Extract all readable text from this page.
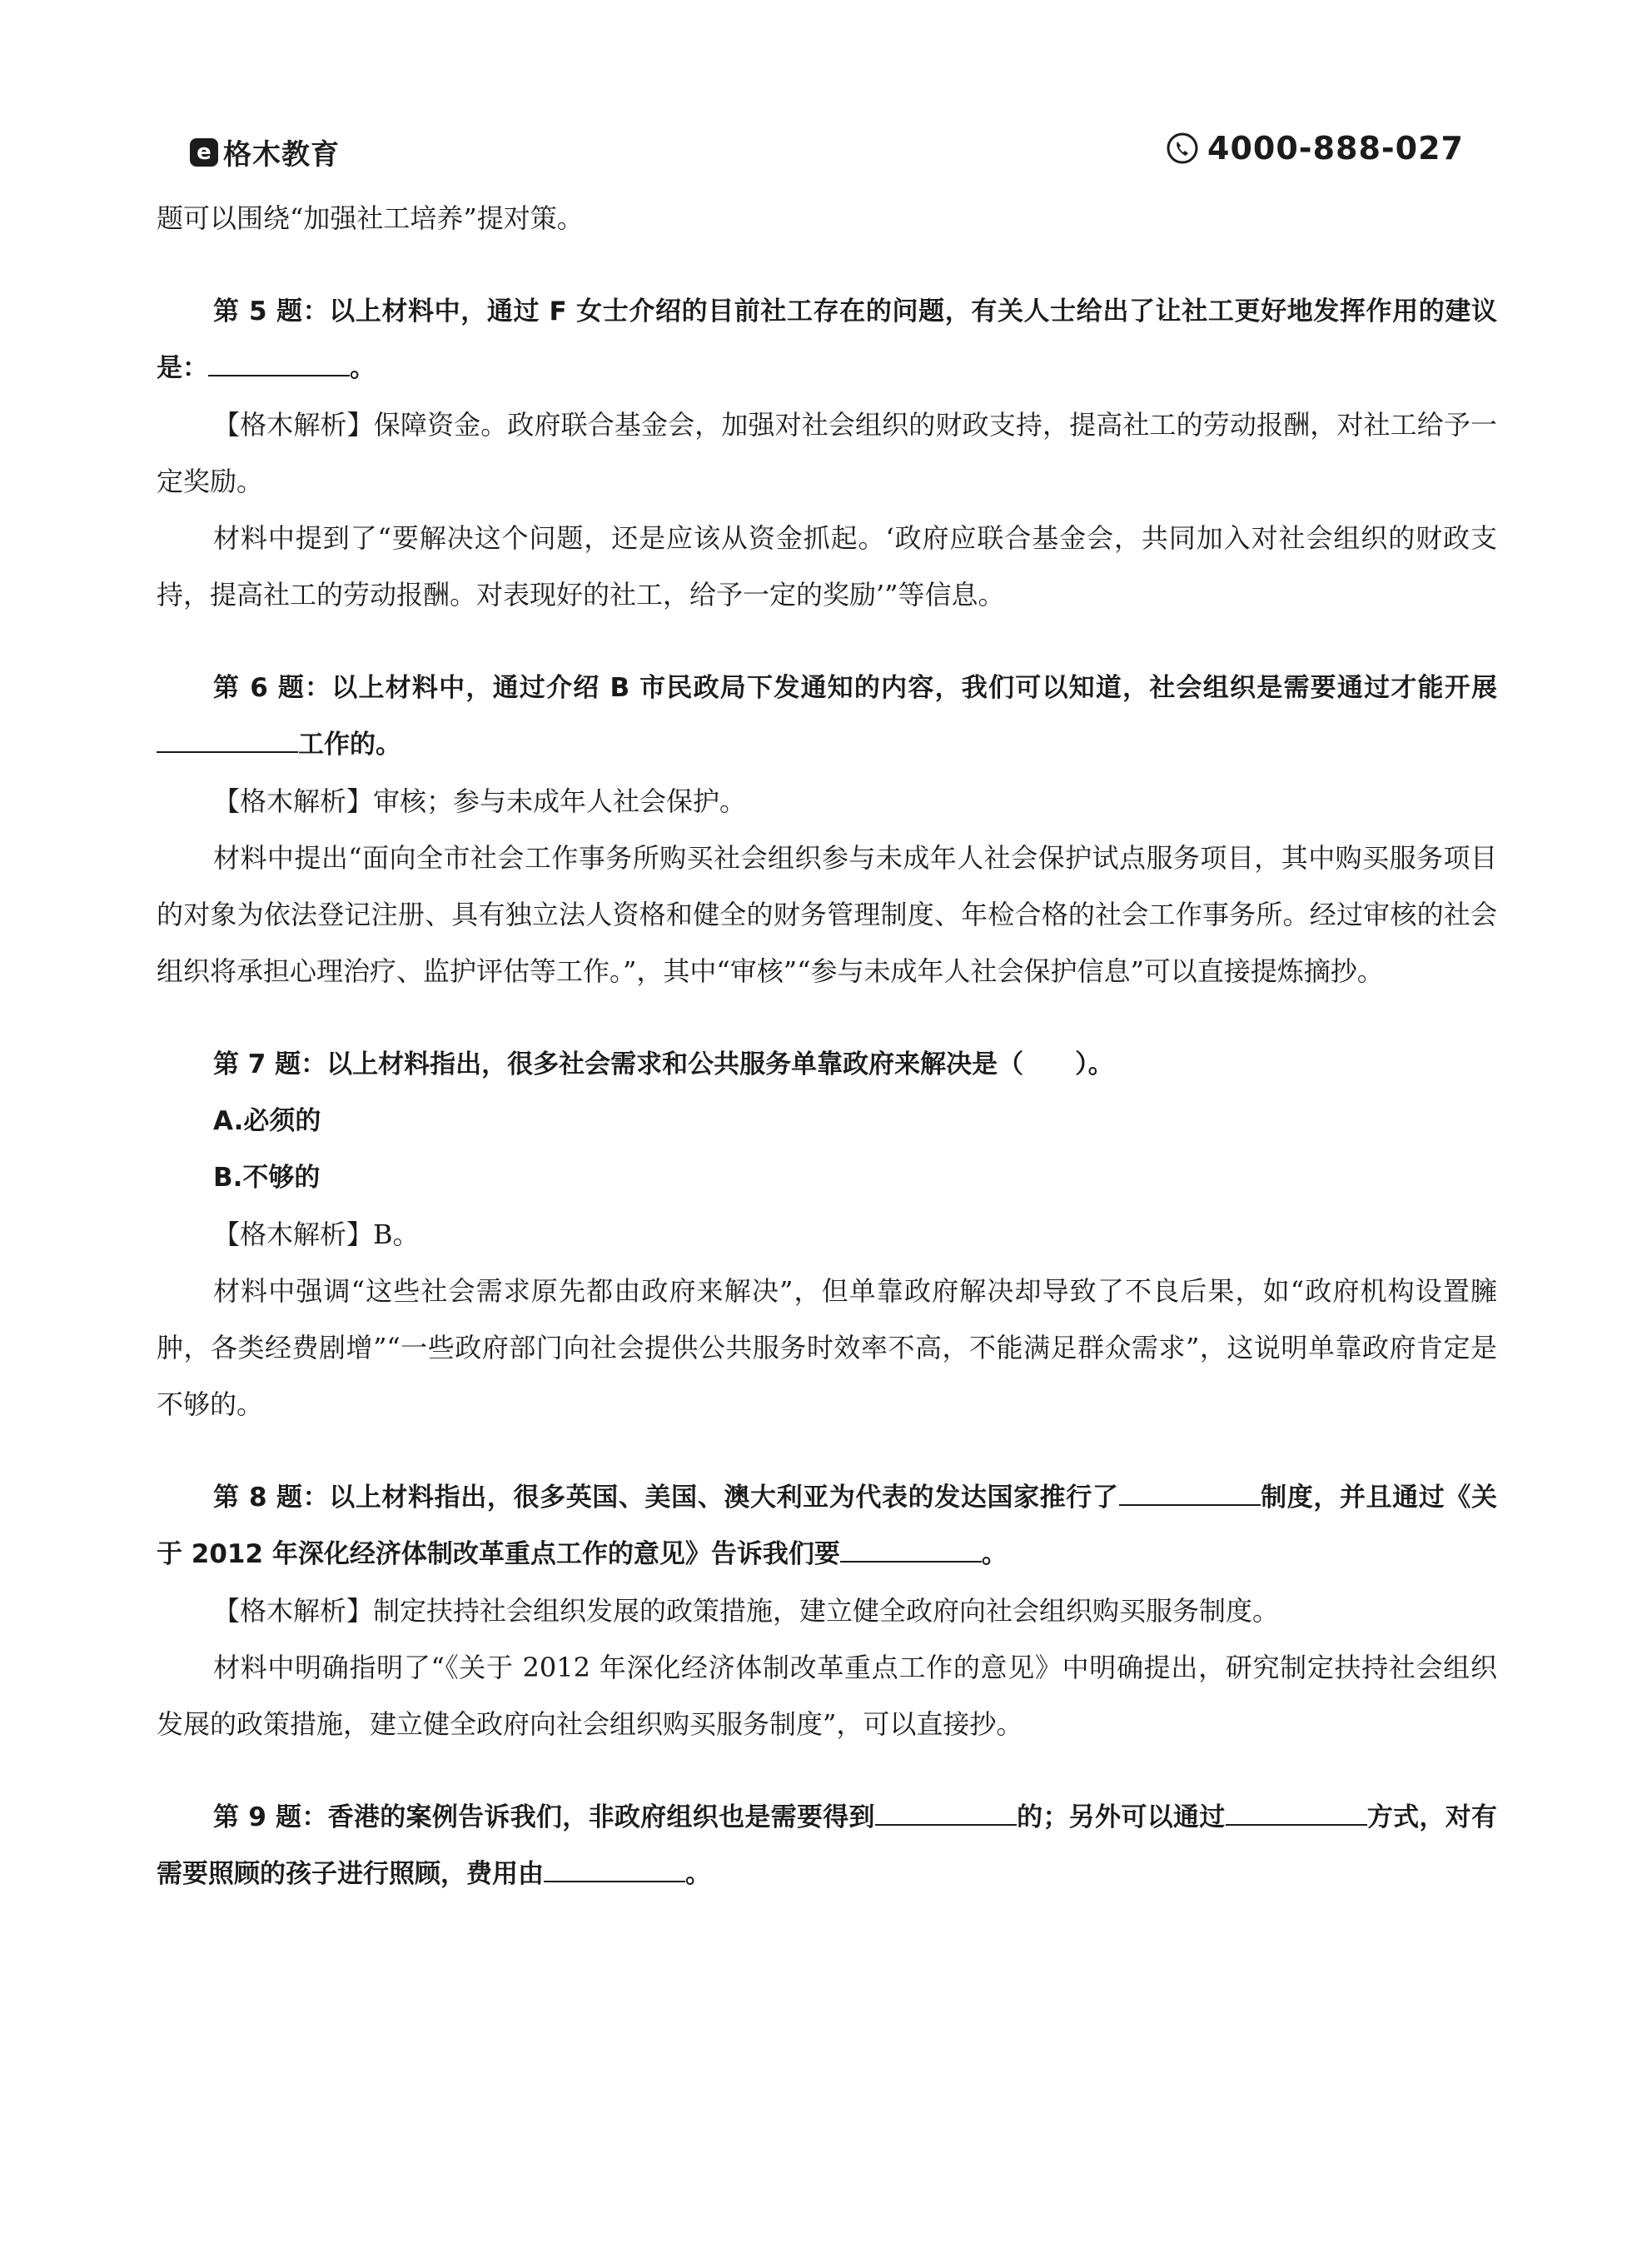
e 格木教育	4000-888-027

题可以围绕“加强社工培养”提对策。

第 5 题：以上材料中，通过 F 女士介绍的目前社工存在的问题，有关人士给出了让社工更好地发挥作用的建议是：	。

【格木解析】保障资金。政府联合基金会，加强对社会组织的财政支持，提高社工的劳动报酬，对社工给予一定奖励。

材料中提到了“要解决这个问题，还是应该从资金抓起。‘政府应联合基金会，共同加入对社会组织的财政支持，提高社工的劳动报酬。对表现好的社工，给予一定的奖励’”等信息。

第 6 题：以上材料中，通过介绍 B 市民政局下发通知的内容，我们可以知道，社会组织是需要通过才能开展工作的。

【格木解析】审核；参与未成年人社会保护。

材料中提出“面向全市社会工作事务所购买社会组织参与未成年人社会保护试点服务项目，其中购买服务项目的对象为依法登记注册、具有独立法人资格和健全的财务管理制度、年检合格的社会工作事务所。经过审核的社会组织将承担心理治疗、监护评估等工作。”，其中“审核”“参与未成年人社会保护信息”可以直接提炼摘抄。

第 7 题：以上材料指出，很多社会需求和公共服务单靠政府来解决是（　　）。

A.必须的

B.不够的

【格木解析】B。

材料中强调“这些社会需求原先都由政府来解决”，但单靠政府解决却导致了不良后果，如“政府机构设置臃肿，各类经费剧增”“一些政府部门向社会提供公共服务时效率不高，不能满足群众需求”，这说明单靠政府肯定是不够的。

第 8 题：以上材料指出，很多英国、美国、澳大利亚为代表的发达国家推行了	制度，并且通过《关于 2012 年深化经济体制改革重点工作的意见》告诉我们要	。

【格木解析】制定扶持社会组织发展的政策措施，建立健全政府向社会组织购买服务制度。

材料中明确指明了“《关于 2012 年深化经济体制改革重点工作的意见》中明确提出，研究制定扶持社会组织发展的政策措施，建立健全政府向社会组织购买服务制度”，可以直接抄。

第 9 题：香港的案例告诉我们，非政府组织也是需要得到	的；另外可以通过	方式，对有需要照顾的孩子进行照顾，费用由	。
